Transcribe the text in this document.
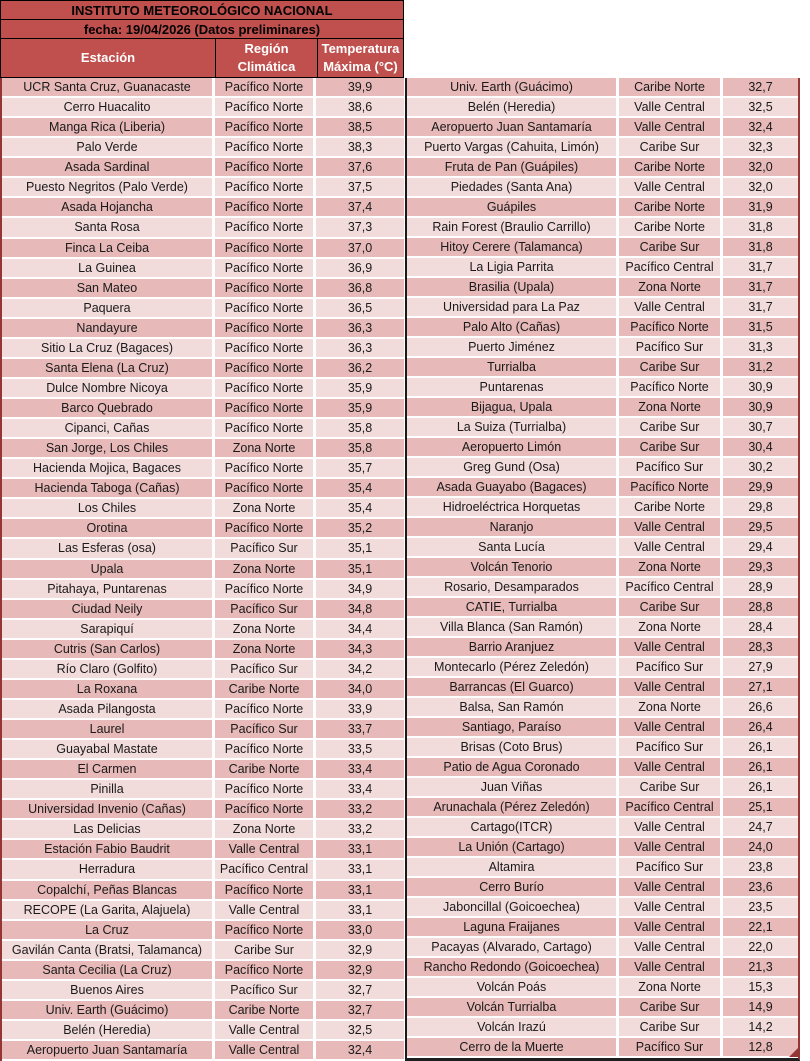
INSTITUTO METEOROLÓGICO NACIONAL
fecha: 19/04/2026 (Datos preliminares)
Estación
Región Climática
Temperatura Máxima (°C)
UCR Santa Cruz, Guanacaste	Pacífico Norte	39,9
Cerro Huacalito	Pacífico Norte	38,6
Manga Rica (Liberia)	Pacífico Norte	38,5
Palo Verde	Pacífico Norte	38,3
Asada Sardinal	Pacífico Norte	37,6
Puesto Negritos (Palo Verde)	Pacífico Norte	37,5
Asada Hojancha	Pacífico Norte	37,4
Santa Rosa	Pacífico Norte	37,3
Finca La Ceiba	Pacífico Norte	37,0
La Guinea	Pacífico Norte	36,9
San Mateo	Pacífico Norte	36,8
Paquera	Pacífico Norte	36,5
Nandayure	Pacífico Norte	36,3
Sitio La Cruz (Bagaces)	Pacífico Norte	36,3
Santa Elena (La Cruz)	Pacífico Norte	36,2
Dulce Nombre Nicoya	Pacífico Norte	35,9
Barco Quebrado	Pacífico Norte	35,9
Cipanci, Cañas	Pacífico Norte	35,8
San Jorge, Los Chiles	Zona Norte	35,8
Hacienda Mojica, Bagaces	Pacífico Norte	35,7
Hacienda Taboga (Cañas)	Pacífico Norte	35,4
Los Chiles	Zona Norte	35,4
Orotina	Pacífico Norte	35,2
Las Esferas (osa)	Pacífico Sur	35,1
Upala	Zona Norte	35,1
Pitahaya, Puntarenas	Pacífico Norte	34,9
Ciudad Neily	Pacífico Sur	34,8
Sarapiquí	Zona Norte	34,4
Cutris (San Carlos)	Zona Norte	34,3
Río Claro (Golfito)	Pacífico Sur	34,2
La Roxana	Caribe Norte	34,0
Asada Pilangosta	Pacífico Norte	33,9
Laurel	Pacífico Sur	33,7
Guayabal Mastate	Pacífico Norte	33,5
El Carmen	Caribe Norte	33,4
Pinilla	Pacífico Norte	33,4
Universidad Invenio (Cañas)	Pacífico Norte	33,2
Las Delicias	Zona Norte	33,2
Estación Fabio Baudrit	Valle Central	33,1
Herradura	Pacífico Central	33,1
Copalchí, Peñas Blancas	Pacífico Norte	33,1
RECOPE (La Garita, Alajuela)	Valle Central	33,1
La Cruz	Pacífico Norte	33,0
Gavilán Canta (Bratsi, Talamanca)	Caribe Sur	32,9
Santa Cecilia (La Cruz)	Pacífico Norte	32,9
Buenos Aires	Pacífico Sur	32,7
Univ. Earth (Guácimo)	Caribe Norte	32,7
Belén (Heredia)	Valle Central	32,5
Aeropuerto Juan Santamaría	Valle Central	32,4
Univ. Earth (Guácimo)	Caribe Norte	32,7
Belén (Heredia)	Valle Central	32,5
Aeropuerto Juan Santamaría	Valle Central	32,4
Puerto Vargas (Cahuita, Limón)	Caribe Sur	32,3
Fruta de Pan (Guápiles)	Caribe Norte	32,0
Piedades (Santa Ana)	Valle Central	32,0
Guápiles	Caribe Norte	31,9
Rain Forest (Braulio Carrillo)	Caribe Norte	31,8
Hitoy Cerere (Talamanca)	Caribe Sur	31,8
La Ligia Parrita	Pacífico Central	31,7
Brasilia (Upala)	Zona Norte	31,7
Universidad para La Paz	Valle Central	31,7
Palo Alto (Cañas)	Pacífico Norte	31,5
Puerto Jiménez	Pacífico Sur	31,3
Turrialba	Caribe Sur	31,2
Puntarenas	Pacífico Norte	30,9
Bijagua, Upala	Zona Norte	30,9
La Suiza (Turrialba)	Caribe Sur	30,7
Aeropuerto Limón	Caribe Sur	30,4
Greg Gund (Osa)	Pacífico Sur	30,2
Asada Guayabo (Bagaces)	Pacífico Norte	29,9
Hidroeléctrica Horquetas	Caribe Norte	29,8
Naranjo	Valle Central	29,5
Santa Lucía	Valle Central	29,4
Volcán Tenorio	Zona Norte	29,3
Rosario, Desamparados	Pacífico Central	28,9
CATIE, Turrialba	Caribe Sur	28,8
Villa Blanca (San Ramón)	Zona Norte	28,4
Barrio Aranjuez	Valle Central	28,3
Montecarlo (Pérez Zeledón)	Pacífico Sur	27,9
Barrancas (El Guarco)	Valle Central	27,1
Balsa, San Ramón	Zona Norte	26,6
Santiago, Paraíso	Valle Central	26,4
Brisas (Coto Brus)	Pacífico Sur	26,1
Patio de Agua Coronado	Valle Central	26,1
Juan Viñas	Caribe Sur	26,1
Arunachala (Pérez Zeledón)	Pacífico Central	25,1
Cartago(ITCR)	Valle Central	24,7
La Unión (Cartago)	Valle Central	24,0
Altamira	Pacífico Sur	23,8
Cerro Burío	Valle Central	23,6
Jaboncillal (Goicoechea)	Valle Central	23,5
Laguna Fraijanes	Valle Central	22,1
Pacayas (Alvarado, Cartago)	Valle Central	22,0
Rancho Redondo (Goicoechea)	Valle Central	21,3
Volcán Poás	Zona Norte	15,3
Volcán Turrialba	Caribe Sur	14,9
Volcán Irazú	Caribe Sur	14,2
Cerro de la Muerte	Pacífico Sur	12,8
